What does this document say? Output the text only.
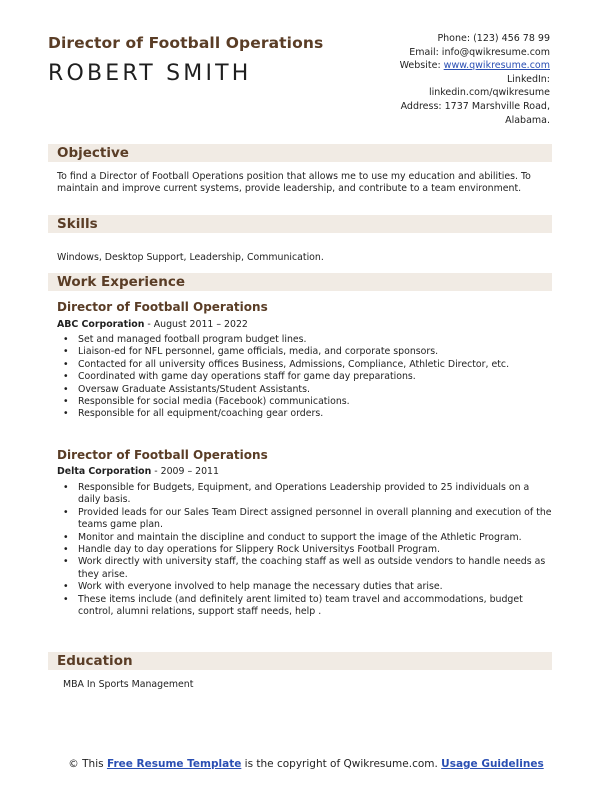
Director of Football Operations
ROBERT SMITH
Phone: (123) 456 78 99
Email: info@qwikresume.com
Website: www.qwikresume.com
LinkedIn:
linkedin.com/qwikresume
Address: 1737 Marshville Road,
Alabama.
Objective
To find a Director of Football Operations position that allows me to use my education and abilities. To maintain and improve current systems, provide leadership, and contribute to a team environment.
Skills
Windows, Desktop Support, Leadership, Communication.
Work Experience
Director of Football Operations
ABC Corporation - August 2011 – 2022
• Set and managed football program budget lines.
• Liaison-ed for NFL personnel, game officials, media, and corporate sponsors.
• Contacted for all university offices Business, Admissions, Compliance, Athletic Director, etc.
• Coordinated with game day operations staff for game day preparations.
• Oversaw Graduate Assistants/Student Assistants.
• Responsible for social media (Facebook) communications.
• Responsible for all equipment/coaching gear orders.
Director of Football Operations
Delta Corporation - 2009 – 2011
• Responsible for Budgets, Equipment, and Operations Leadership provided to 25 individuals on a daily basis.
• Provided leads for our Sales Team Direct assigned personnel in overall planning and execution of the teams game plan.
• Monitor and maintain the discipline and conduct to support the image of the Athletic Program.
• Handle day to day operations for Slippery Rock Universitys Football Program.
• Work directly with university staff, the coaching staff as well as outside vendors to handle needs as they arise.
• Work with everyone involved to help manage the necessary duties that arise.
• These items include (and definitely arent limited to) team travel and accommodations, budget control, alumni relations, support staff needs, help .
Education
MBA In Sports Management
© This Free Resume Template is the copyright of Qwikresume.com. Usage Guidelines
